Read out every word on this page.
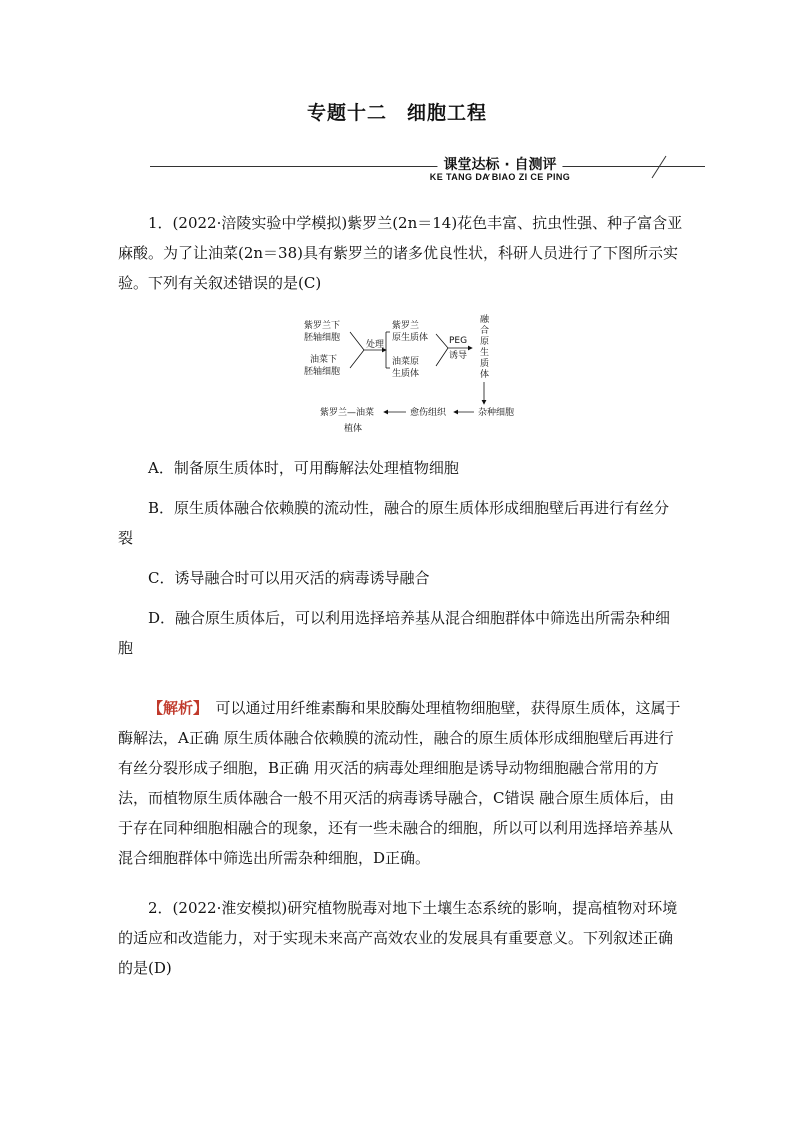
专题十二　细胞工程
课堂达标 · 自测评
KE TANG DA BIAO ZI CE PING

1．(2022·涪陵实验中学模拟)紫罗兰(2n＝14)花色丰富、抗虫性强、种子富含亚麻酸。为了让油菜(2n＝38)具有紫罗兰的诸多优良性状，科研人员进行了下图所示实验。下列有关叙述错误的是(C)

紫罗兰下
胚轴细胞
油菜下
胚轴细胞
处理
紫罗兰
原生质体
油菜原
生质体
PEG
诱导
融
合
原
生
质
体
杂种细胞
愈伤组织
紫罗兰—油菜
植体

A．制备原生质体时，可用酶解法处理植物细胞

B．原生质体融合依赖膜的流动性，融合的原生质体形成细胞壁后再进行有丝分裂

C．诱导融合时可以用灭活的病毒诱导融合

D．融合原生质体后，可以利用选择培养基从混合细胞群体中筛选出所需杂种细胞

【解析】　可以通过用纤维素酶和果胶酶处理植物细胞壁，获得原生质体，这属于酶解法，A正确 原生质体融合依赖膜的流动性，融合的原生质体形成细胞壁后再进行有丝分裂形成子细胞，B正确 用灭活的病毒处理细胞是诱导动物细胞融合常用的方法，而植物原生质体融合一般不用灭活的病毒诱导融合，C错误 融合原生质体后，由于存在同种细胞相融合的现象，还有一些未融合的细胞，所以可以利用选择培养基从混合细胞群体中筛选出所需杂种细胞，D正确。

2．(2022·淮安模拟)研究植物脱毒对地下土壤生态系统的影响，提高植物对环境的适应和改造能力，对于实现未来高产高效农业的发展具有重要意义。下列叙述正确的是(D)
